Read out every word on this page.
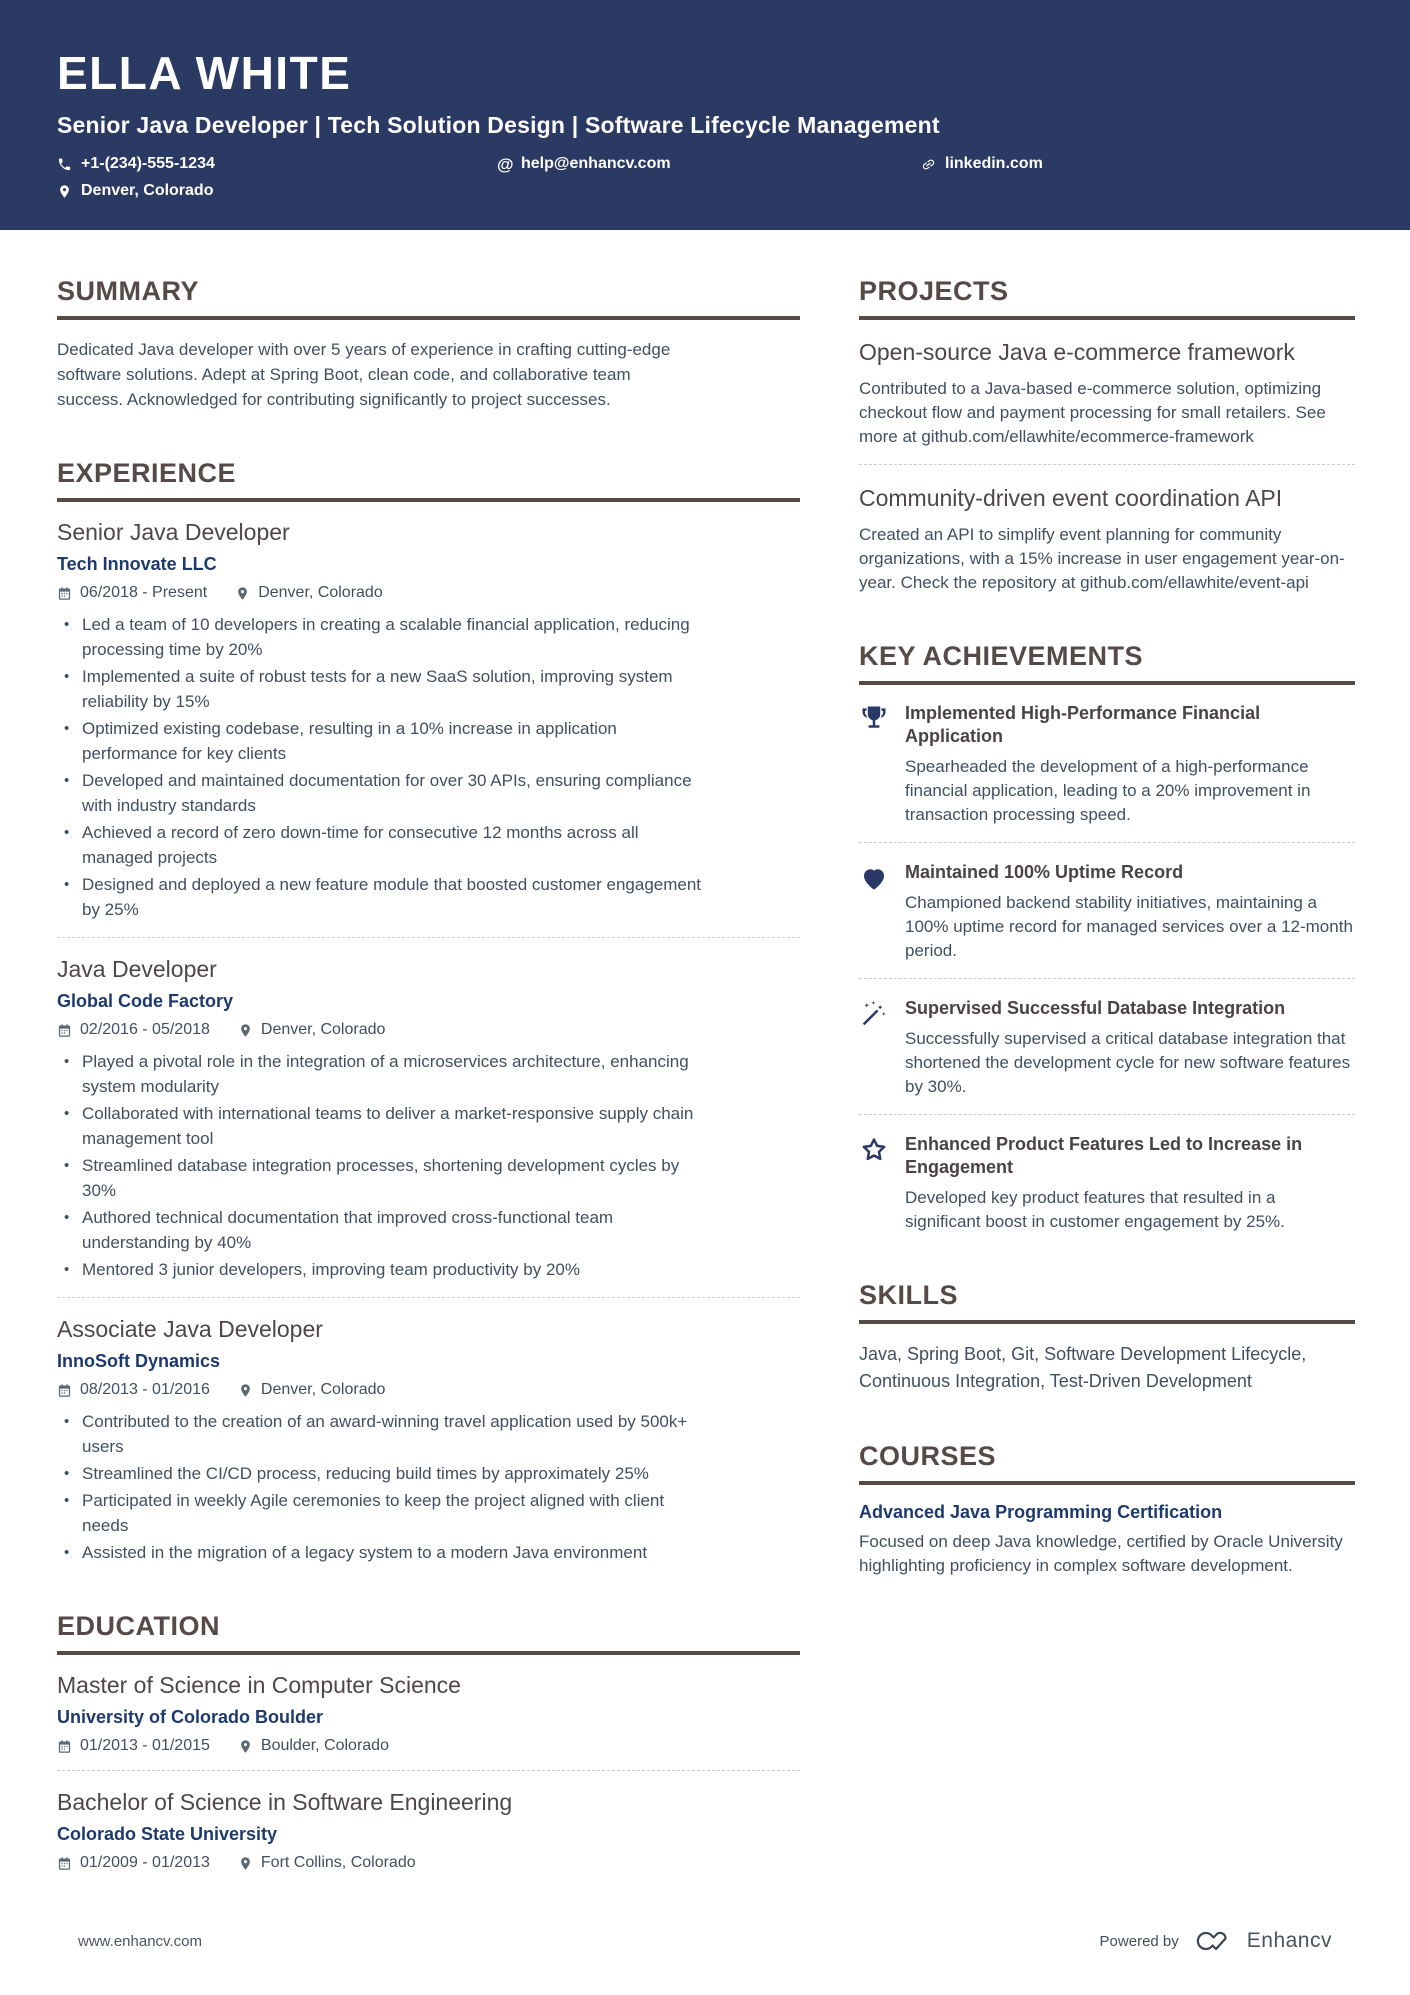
ELLA WHITE
Senior Java Developer | Tech Solution Design | Software Lifecycle Management
+1-(234)-555-1234	@ help@enhancv.com	linkedin.com
Denver, Colorado
SUMMARY

Dedicated Java developer with over 5 years of experience in crafting cutting-edge software solutions. Adept at Spring Boot, clean code, and collaborative team success. Acknowledged for contributing significantly to project successes.

EXPERIENCE
Senior Java Developer
Tech Innovate LLC
06/2018 - Present	Denver, Colorado
• Led a team of 10 developers in creating a scalable financial application, reducing processing time by 20%
• Implemented a suite of robust tests for a new SaaS solution, improving system reliability by 15%
• Optimized existing codebase, resulting in a 10% increase in application performance for key clients
• Developed and maintained documentation for over 30 APIs, ensuring compliance with industry standards
• Achieved a record of zero down-time for consecutive 12 months across all managed projects
• Designed and deployed a new feature module that boosted customer engagement by 25%
Java Developer
Global Code Factory
02/2016 - 05/2018	Denver, Colorado
• Played a pivotal role in the integration of a microservices architecture, enhancing system modularity
• Collaborated with international teams to deliver a market-responsive supply chain management tool
• Streamlined database integration processes, shortening development cycles by 30%
• Authored technical documentation that improved cross-functional team understanding by 40%
• Mentored 3 junior developers, improving team productivity by 20%
Associate Java Developer
InnoSoft Dynamics
08/2013 - 01/2016	Denver, Colorado
• Contributed to the creation of an award-winning travel application used by 500k+ users
• Streamlined the CI/CD process, reducing build times by approximately 25%
• Participated in weekly Agile ceremonies to keep the project aligned with client needs
• Assisted in the migration of a legacy system to a modern Java environment
EDUCATION
Master of Science in Computer Science
University of Colorado Boulder
01/2013 - 01/2015	Boulder, Colorado
Bachelor of Science in Software Engineering
Colorado State University
01/2009 - 01/2013	Fort Collins, Colorado
PROJECTS
Open-source Java e-commerce framework

Contributed to a Java-based e-commerce solution, optimizing checkout flow and payment processing for small retailers. See more at github.com/ellawhite/ecommerce-framework

Community-driven event coordination API

Created an API to simplify event planning for community organizations, with a 15% increase in user engagement year-on-year. Check the repository at github.com/ellawhite/event-api

KEY ACHIEVEMENTS
Implemented High-Performance Financial Application

Spearheaded the development of a high-performance financial application, leading to a 20% improvement in transaction processing speed.

Maintained 100% Uptime Record

Championed backend stability initiatives, maintaining a 100% uptime record for managed services over a 12-month period.

Supervised Successful Database Integration

Successfully supervised a critical database integration that shortened the development cycle for new software features by 30%.

Enhanced Product Features Led to Increase in Engagement

Developed key product features that resulted in a significant boost in customer engagement by 25%.

SKILLS

Java, Spring Boot, Git, Software Development Lifecycle, Continuous Integration, Test-Driven Development

COURSES
Advanced Java Programming Certification

Focused on deep Java knowledge, certified by Oracle University highlighting proficiency in complex software development.

www.enhancv.com	Powered by	Enhancv
